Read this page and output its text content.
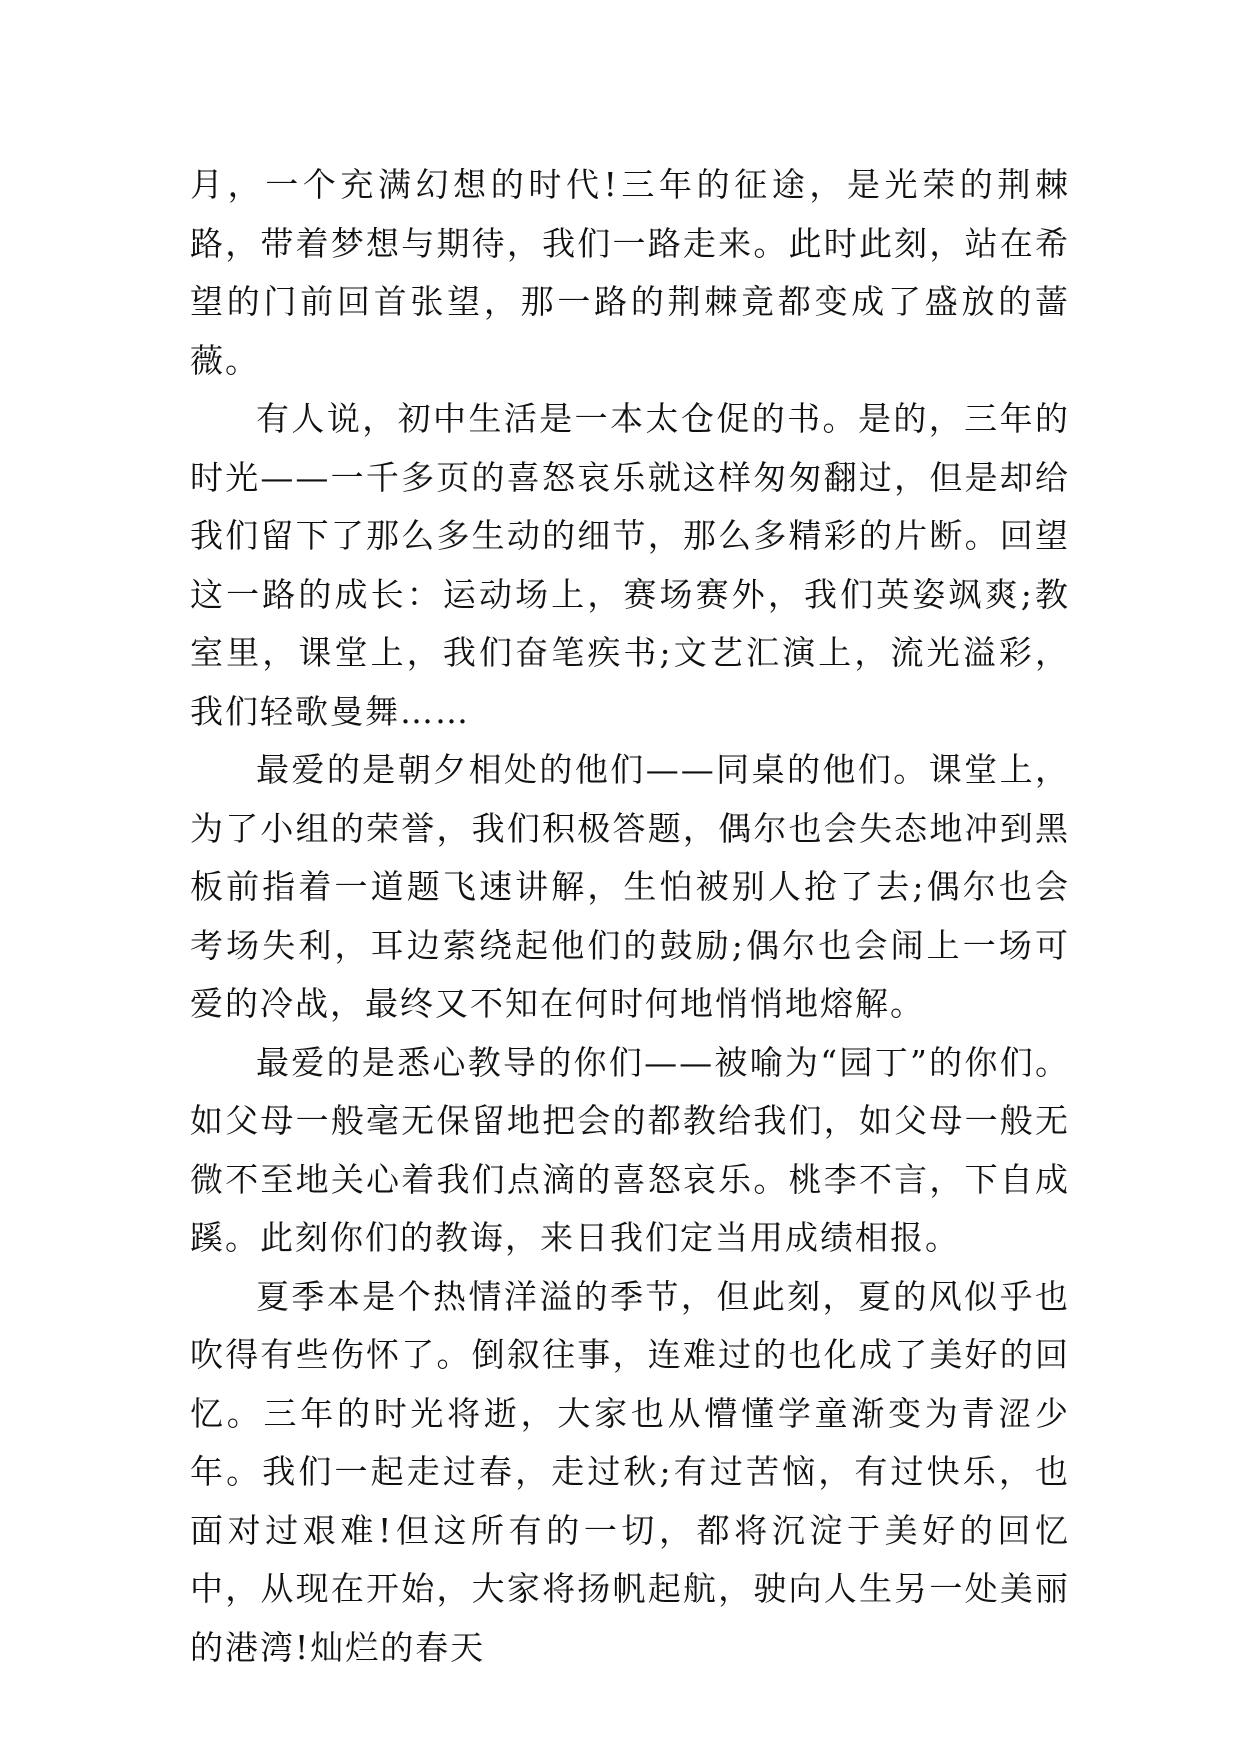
月，一个充满幻想的时代!三年的征途，是光荣的荆棘路，带着梦想与期待，我们一路走来。此时此刻，站在希望的门前回首张望，那一路的荆棘竟都变成了盛放的蔷薇。

有人说，初中生活是一本太仓促的书。是的，三年的时光——一千多页的喜怒哀乐就这样匆匆翻过，但是却给我们留下了那么多生动的细节，那么多精彩的片断。回望这一路的成长：运动场上，赛场赛外，我们英姿飒爽;教室里，课堂上，我们奋笔疾书;文艺汇演上，流光溢彩，我们轻歌曼舞……

最爱的是朝夕相处的他们——同桌的他们。课堂上，为了小组的荣誉，我们积极答题，偶尔也会失态地冲到黑板前指着一道题飞速讲解，生怕被别人抢了去;偶尔也会考场失利，耳边萦绕起他们的鼓励;偶尔也会闹上一场可爱的冷战，最终又不知在何时何地悄悄地熔解。

最爱的是悉心教导的你们——被喻为“园丁”的你们。如父母一般毫无保留地把会的都教给我们，如父母一般无微不至地关心着我们点滴的喜怒哀乐。桃李不言，下自成蹊。此刻你们的教诲，来日我们定当用成绩相报。

夏季本是个热情洋溢的季节，但此刻，夏的风似乎也吹得有些伤怀了。倒叙往事，连难过的也化成了美好的回忆。三年的时光将逝，大家也从懵懂学童渐变为青涩少年。我们一起走过春，走过秋;有过苦恼，有过快乐，也面对过艰难!但这所有的一切，都将沉淀于美好的回忆中，从现在开始，大家将扬帆起航，驶向人生另一处美丽的港湾!灿烂的春天
